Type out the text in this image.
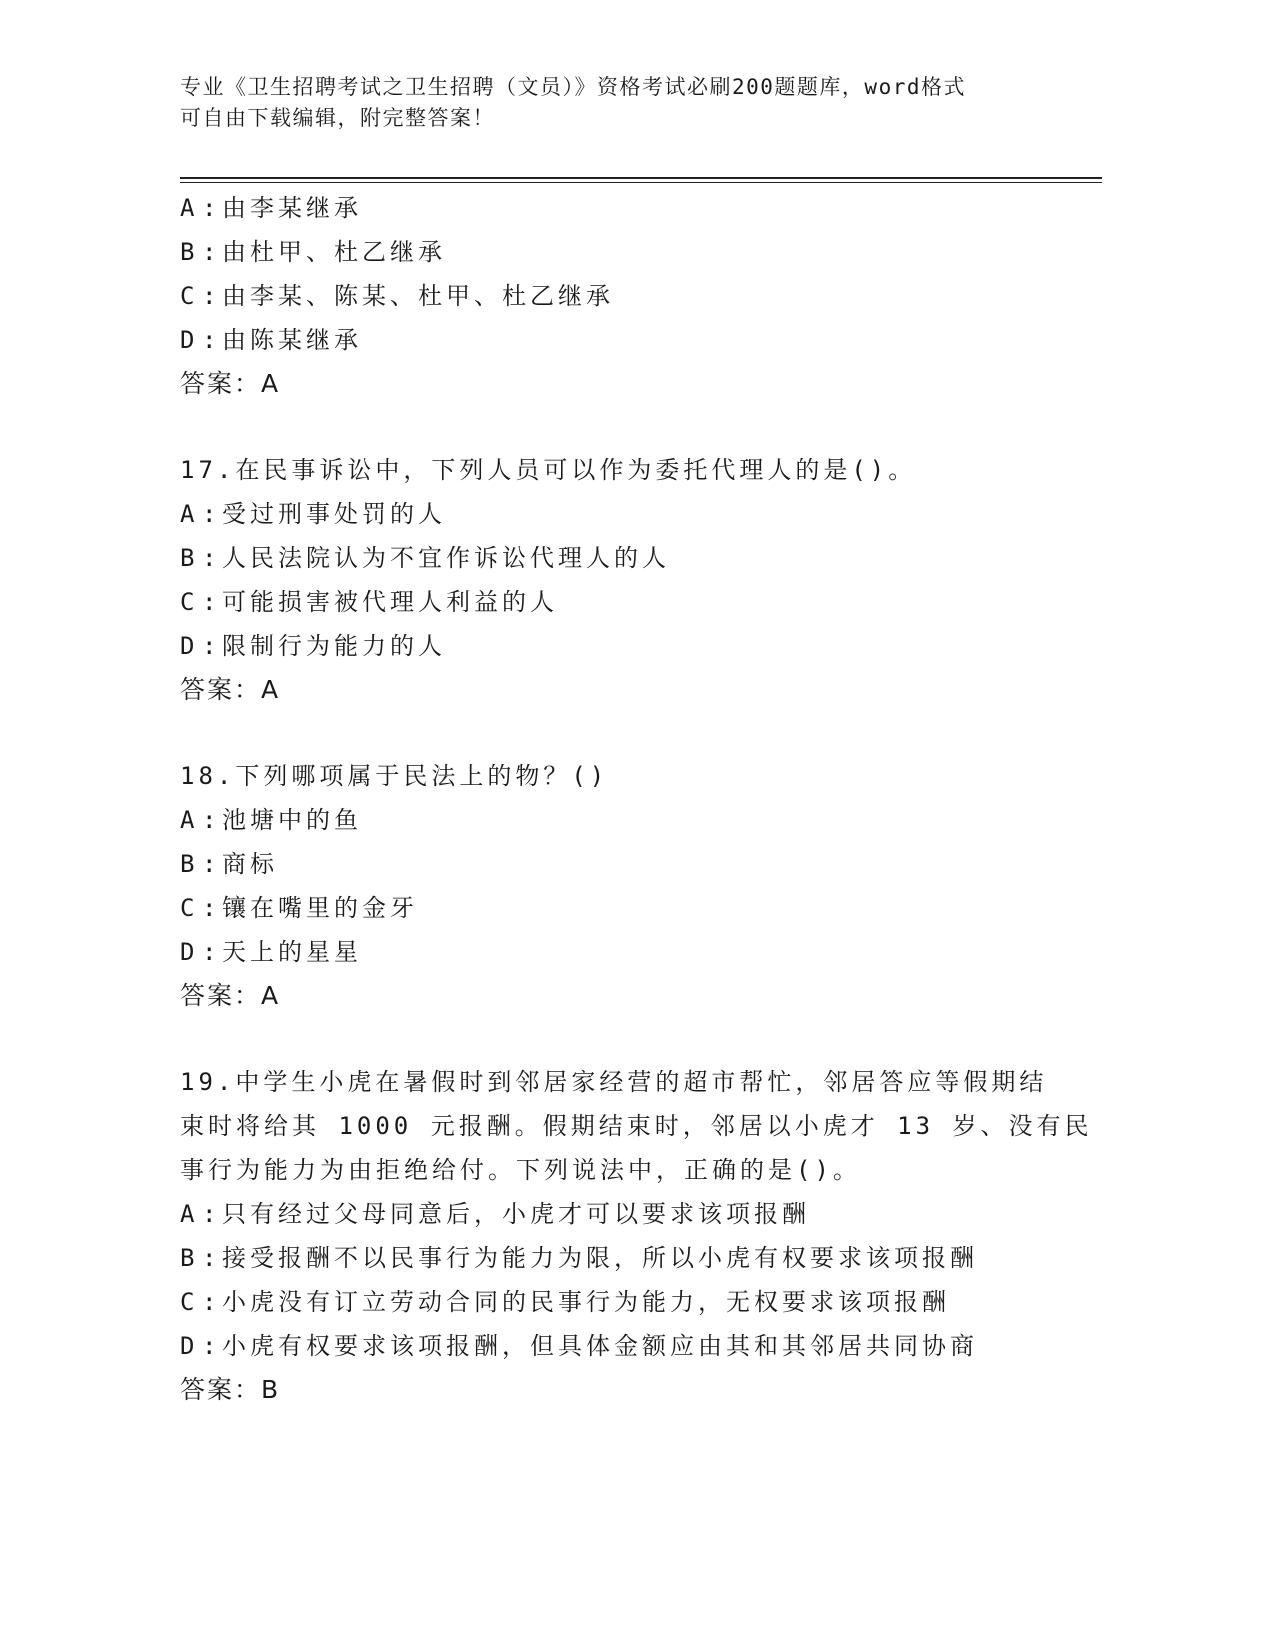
专业《卫生招聘考试之卫生招聘（文员）》资格考试必刷200题题库，word格式
可自由下载编辑，附完整答案！
A : 由李某继承
B : 由杜甲、杜乙继承
C : 由李某、陈某、杜甲、杜乙继承
D : 由陈某继承
答案：A
17.在民事诉讼中，下列人员可以作为委托代理人的是()。
A : 受过刑事处罚的人
B : 人民法院认为不宜作诉讼代理人的人
C : 可能损害被代理人利益的人
D : 限制行为能力的人
答案：A
18.下列哪项属于民法上的物？()
A : 池塘中的鱼
B : 商标
C : 镶在嘴里的金牙
D : 天上的星星
答案：A
19.中学生小虎在暑假时到邻居家经营的超市帮忙，邻居答应等假期结
束时将给其 1000 元报酬。假期结束时，邻居以小虎才 13 岁、没有民
事行为能力为由拒绝给付。下列说法中，正确的是()。
A : 只有经过父母同意后，小虎才可以要求该项报酬
B : 接受报酬不以民事行为能力为限，所以小虎有权要求该项报酬
C : 小虎没有订立劳动合同的民事行为能力，无权要求该项报酬
D : 小虎有权要求该项报酬，但具体金额应由其和其邻居共同协商
答案：B
